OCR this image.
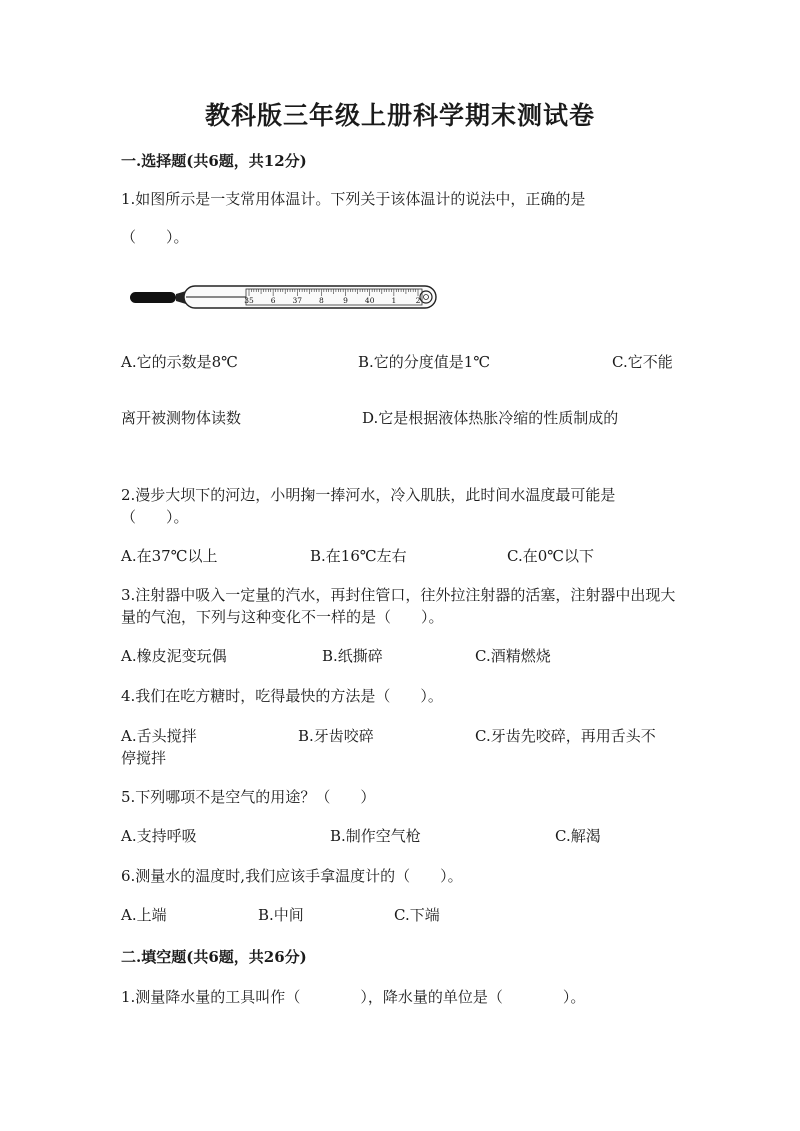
教科版三年级上册科学期末测试卷
一.选择题(共6题，共12分)
1.如图所示是一支常用体温计。下列关于该体温计的说法中，正确的是
（　　）。
35 6 37 8	9 40 1	2
A.它的示数是8℃	B.它的分度值是1℃	C.它不能
离开被测物体读数	D.它是根据液体热胀冷缩的性质制成的
2.漫步大坝下的河边，小明掬一捧河水，冷入肌肤，此时间水温度最可能是（　　）。
A.在37℃以上	B.在16℃左右	C.在0℃以下
3.注射器中吸入一定量的汽水，再封住管口，往外拉注射器的活塞，注射器中出现大量的气泡，下列与这种变化不一样的是（　　）。
A.橡皮泥变玩偶	B.纸撕碎	C.酒精燃烧
4.我们在吃方糖时，吃得最快的方法是（　　）。
A.舌头搅拌	B.牙齿咬碎	C.牙齿先咬碎，再用舌头不
停搅拌
5.下列哪项不是空气的用途？（　　）
A.支持呼吸	B.制作空气枪	C.解渴
6.测量水的温度时,我们应该手拿温度计的（　　）。
A.上端	B.中间	C.下端
二.填空题(共6题，共26分)
1.测量降水量的工具叫作（　　　　），降水量的单位是（　　　　）。
